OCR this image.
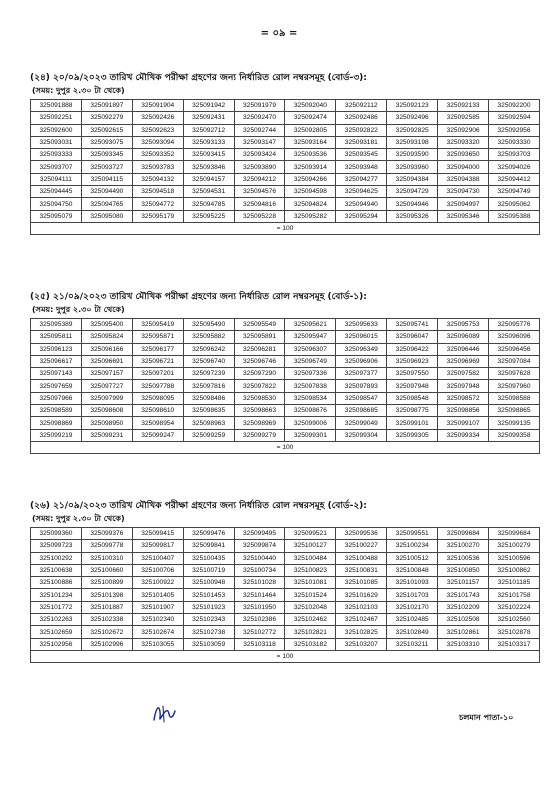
= ০৯ =
(২৪) ২০/০৯/২০২৩ তারিখ মৌখিক পরীক্ষা গ্রহণের জন্য নির্ধারিত রোল নম্বরসমূহ (বোর্ড-৩):
(সময়: দুপুর ২.৩০ টা থেকে)
325091888	325091897	325091904	325091942	325091979	325092040	325092112	325092123	325092133	325092200
325092251	325092279	325092426	325092431	325092470	325092474	325092486	325092496	325092585	325092594
325092600	325092615	325092623	325092712	325092744	325092805	325092822	325092825	325092906	325092956
325093031	325093075	325093094	325093133	325093147	325093164	325093181	325093198	325093320	325093330
325093333	325093345	325093352	325093415	325093424	325093536	325093545	325093590	325093650	325093703
325093707	325093727	325093783	325093846	325093890	325093914	325093948	325093960	325094000	325094026
325094111	325094115	325094132	325094157	325094212	325094266	325094277	325094384	325094388	325094412
325094445	325094490	325094518	325094531	325094576	325094598	325094625	325094729	325094730	325094749
325094750	325094765	325094772	325094785	325094816	325094824	325094940	325094946	325094997	325095062
325095079	325095080	325095179	325095225	325095228	325095282	325095294	325095326	325095346	325095388
= 100									
(২৫) ২১/০৯/২০২৩ তারিখ মৌখিক পরীক্ষা গ্রহণের জন্য নির্ধারিত রোল নম্বরসমূহ (বোর্ড-১):
(সময়: দুপুর ২.৩০ টা থেকে)
325095389	325095400	325095419	325095490	325095549	325095621	325095633	325095741	325095753	325095776
325095811	325095824	325095871	325095882	325095891	325095947	325096015	325096047	325096089	325096096
325096123	325096166	325096177	325096242	325096281	325096307	325096349	325096422	325096446	325096456
325096617	325096691	325096721	325096740	325096746	325096749	325096906	325096923	325096969	325097084
325097143	325097157	325097201	325097239	325097290	325097336	325097377	325097550	325097582	325097628
325097659	325097727	325097788	325097816	325097822	325097838	325097893	325097948	325097948	325097960
325097966	325097999	325098095	325098486	325098530	325098534	325098547	325098548	325098572	325098588
325098589	325098608	325098610	325098635	325098663	325098676	325098685	325098775	325098856	325098865
325098869	325098950	325098954	325098963	325098969	325099006	325099049	325099101	325099107	325099135
325099219	325099231	325099247	325099259	325099279	325099301	325099304	325099305	325099334	325099358
= 100									
(২৬) ২১/০৯/২০২৩ তারিখ মৌখিক পরীক্ষা গ্রহণের জন্য নির্ধারিত রোল নম্বরসমূহ (বোর্ড-২):
(সময়: দুপুর ২.৩০ টা থেকে)
325099360	325099376	325099415	325099476	325099495	325099521	325099536	325099551	325099684	325099684
325099723	325099778	325099817	325099841	325099874	325100127	325100227	325100234	325100270	325100279
325100292	325100310	325100407	325100435	325100440	325100484	325100488	325100512	325100536	325100596
325100638	325100660	325100706	325100719	325100734	325100823	325100831	325100848	325100850	325100862
325100886	325100899	325100922	325100948	325101028	325101081	325101085	325101093	325101157	325101185
325101234	325101398	325101405	325101453	325101464	325101524	325101629	325101703	325101743	325101758
325101772	325101887	325101907	325101923	325101950	325102048	325102103	325102170	325102209	325102224
325102263	325102338	325102340	325102343	325102386	325102462	325102467	325102485	325102508	325102560
325102659	325102672	325102674	325102738	325102772	325102821	325102825	325102849	325102861	325102878
325102956	325102996	325103055	325103059	325103118	325103182	325103207	325103211	325103310	325103317
= 100									
চলমান পাতা-১০
